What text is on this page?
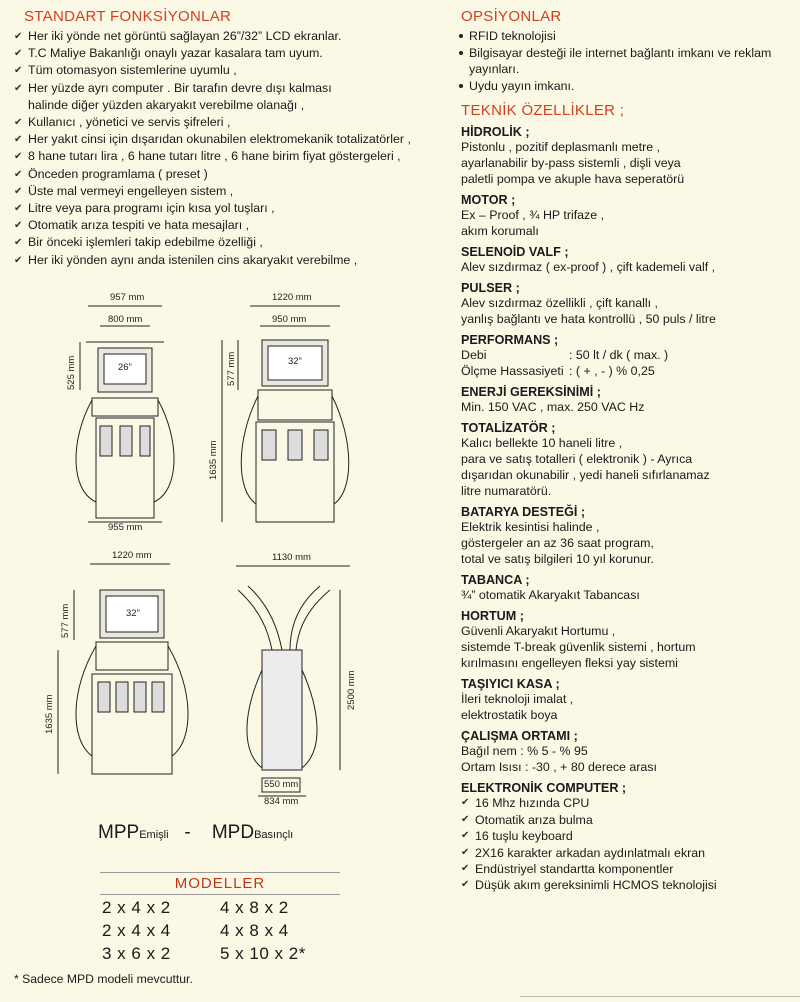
STANDART FONKSİYONLAR
✔ Her iki yönde net görüntü sağlayan 26”/32” LCD ekranlar.
✔ T.C Maliye Bakanlığı onaylı yazar kasalara tam uyum.
✔ Tüm otomasyon sistemlerine uyumlu ,
✔ Her yüzde ayrı computer . Bir tarafın devre dışı kalması
halinde diğer yüzden akaryakıt verebilme olanağı ,
✔ Kullanıcı , yönetici ve servis şifreleri ,
✔ Her yakıt cinsi için dışarıdan okunabilen elektromekanik totalizatörler ,
✔ 8 hane tutarı lira , 6 hane tutarı litre , 6 hane birim fiyat göstergeleri ,
✔ Önceden programlama ( preset )
✔ Üste mal vermeyi engelleyen sistem ,
✔ Litre veya para programı için kısa yol tuşları ,
✔ Otomatik arıza tespiti ve hata mesajları ,
✔ Bir önceki işlemleri takip edebilme özelliği ,
✔ Her iki yönden aynı anda istenilen cins akaryakıt verebilme ,
957 mm
800 mm
525 mm
955 mm
26”
1220 mm
950 mm
577 mm
1635 mm
32”
1220 mm
577 mm
1635 mm
32”
1130 mm
2500 mm
550 mm
834 mm
MPPEmişli - MPDBasınçlı
MODELLER
2 x 4 x 2	4 x 8 x 2
2 x 4 x 4	4 x 8 x 4
3 x 6 x 2	5 x 10 x 2*
* Sadece MPD modeli mevcuttur.
OPSİYONLAR
RFID teknolojisi
Bilgisayar desteği ile internet bağlantı imkanı ve reklam yayınları.
Uydu yayın imkanı.
TEKNİK ÖZELLİKLER ;
HİDROLİK ;

Pistonlu , pozitif deplasmanlı metre ,
ayarlanabilir by-pass sistemli , dişli veya
paletli pompa ve akuple hava seperatörü

MOTOR ;

Ex – Proof , ¾ HP trifaze ,
akım korumalı

SELENOİD VALF ;

Alev sızdırmaz ( ex-proof ) , çift kademeli valf ,

PULSER ;

Alev sızdırmaz özellikli , çift kanallı ,
yanlış bağlantı ve hata kontrollü , 50 puls / litre

PERFORMANS ;
Debi	: 50 lt / dk ( max. )
Ölçme Hassasiyeti : ( + , - ) % 0,25
ENERJİ GEREKSİNİMİ ;

Min. 150 VAC , max. 250 VAC Hz

TOTALİZATÖR ;

Kalıcı bellekte 10 haneli litre ,
para ve satış totalleri ( elektronik ) - Ayrıca
dışarıdan okunabilir , yedi haneli sıfırlanamaz
litre numaratörü.

BATARYA DESTEĞİ ;

Elektrik kesintisi halinde ,
göstergeler an az 36 saat program,
total ve satış bilgileri 10 yıl korunur.

TABANCA ;

¾” otomatik Akaryakıt Tabancası

HORTUM ;

Güvenli Akaryakıt Hortumu ,
sistemde T-break güvenlik sistemi , hortum
kırılmasını engelleyen fleksi yay sistemi

TAŞIYICI KASA ;

İleri teknoloji imalat ,
elektrostatik boya

ÇALIŞMA ORTAMI ;

Bağıl nem : % 5 - % 95
Ortam Isısı : -30 , + 80 derece arası

ELEKTRONİK COMPUTER ;
✔ 16 Mhz hızında CPU
✔ Otomatik arıza bulma
✔ 16 tuşlu keyboard
✔ 2X16 karakter arkadan aydınlatmalı ekran
✔ Endüstriyel standartta komponentler
✔ Düşük akım gereksinimli HCMOS teknolojisi
